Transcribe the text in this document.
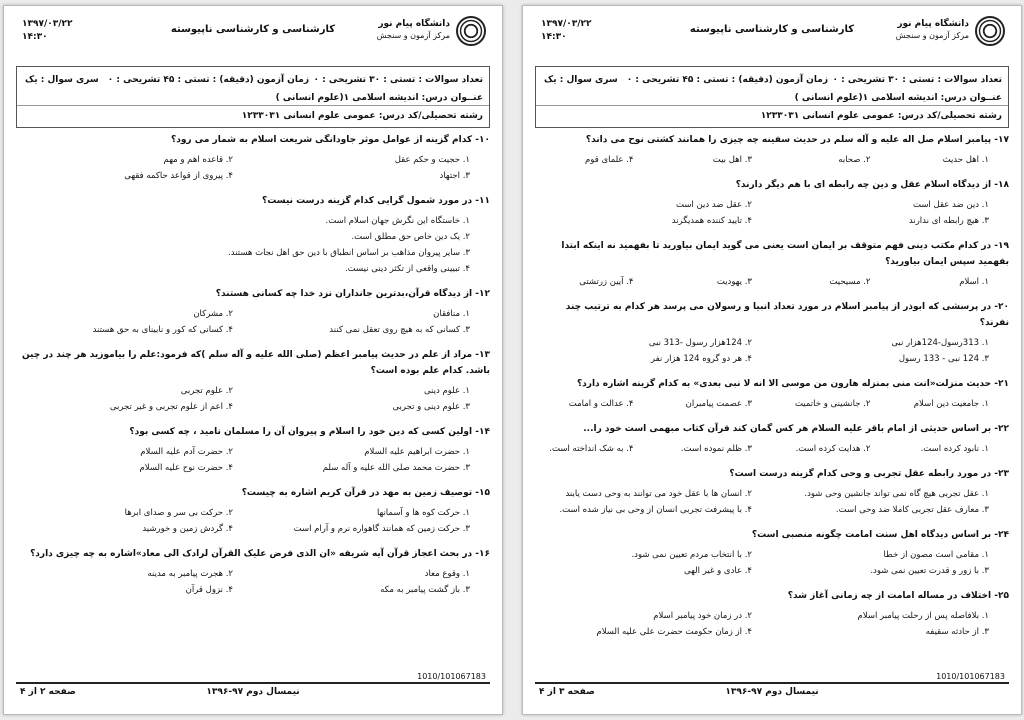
دانشگاه پیام نور
مرکز آزمون و سنجش
کارشناسی و کارشناسی ناپیوسته
۱۳۹۷/۰۳/۲۲
۱۴:۳۰
تعداد سوالات : تستی : ۳۰ تشریحی : ۰
زمان آزمون (دقیقه) : تستی : ۴۵ تشریحی : ۰
سری سوال : یک
عنــوان درس: اندیشه اسلامی ۱(علوم انسانی )
رشته تحصیلی/کد درس: عمومی علوم انسانی ۱۲۳۳۰۳۱
۱۰- کدام گزینه از عوامل موثر جاودانگی شریعت اسلام به شمار می رود؟
۱. حجیت و حکم عقل
۲. قاعده اهم و مهم
۳. اجتهاد
۴. پیروی از قواعد حاکمه فقهی
۱۱- در مورد شمول گرایی کدام گزینه درست نیست؟
۱. خاستگاه این نگرش جهان اسلام است.
۲. یک دین خاص حق مطلق است.
۳. سایر پیروان مذاهب بر اساس انطباق با دین حق اهل نجات هستند.
۴. تبیینی واقعی از تکثر دینی نیست.
۱۲- از دیدگاه قرآن،بدترین جانداران نزد خدا چه کسانی هستند؟
۱. منافقان
۲. مشرکان
۳. کسانی که به هیچ روی تعقل نمی کنند
۴. کسانی که کور و نابینای به حق هستند
۱۳- مراد از علم در حدیث پیامبر اعظم (صلی الله علیه و آله سلم )که فرمود:علم را بیاموزید هر چند در چین باشد. کدام علم بوده است؟
۱. علوم دینی
۲. علوم تجربی
۳. علوم دینی و تجربی
۴. اعم از علوم تجربی و غیر تجربی
۱۴- اولین کسی که دین خود را اسلام و پیروان آن را مسلمان نامید ، چه کسی بود؟
۱. حضرت ابراهیم علیه السلام
۲. حضرت آدم علیه السلام
۳. حضرت محمد صلی الله علیه و آله سلم
۴. حضرت نوح علیه السلام
۱۵- توصیف زمین به مهد در قرآن کریم اشاره به چیست؟
۱. حرکت کوه ها و آسمانها
۲. حرکت بی سر و صدای ابرها
۳. حرکت زمین که همانند گاهواره نرم و آرام است
۴. گردش زمین و خورشید
۱۶- در بحث اعجاز قرآن آیه شریفه «ان الذی فرض علیک القرآن لرادک الی معاد»اشاره به چه چیزی دارد؟
۱. وقوع معاد
۲. هجرت پیامبر به مدینه
۳. باز گشت پیامبر به مکه
۴. نزول قرآن
1010/101067183
نیمسال دوم ۹۷-۱۳۹۶
صفحه ۲ از ۴
دانشگاه پیام نور
مرکز آزمون و سنجش
کارشناسی و کارشناسی ناپیوسته
۱۳۹۷/۰۳/۲۲
۱۴:۳۰
تعداد سوالات : تستی : ۳۰ تشریحی : ۰
زمان آزمون (دقیقه) : تستی : ۴۵ تشریحی : ۰
سری سوال : یک
عنــوان درس: اندیشه اسلامی ۱(علوم انسانی )
رشته تحصیلی/کد درس: عمومی علوم انسانی ۱۲۳۳۰۳۱
۱۷- پیامبر اسلام صل اله علیه و آله سلم در حدیث سفینه چه چیزی را همانند کشتی نوح می داند؟
۱. اهل حدیث
۲. صحابه
۳. اهل بیت
۴. علمای قوم
۱۸- از دیدگاه اسلام عقل و دین چه رابطه ای با هم دیگر دارند؟
۱. دین ضد عقل است
۲. عقل ضد دین است
۳. هیچ رابطه ای ندارند
۴. تایید کننده همدیگرند
۱۹- در کدام مکتب دینی فهم متوقف بر ایمان است یعنی می گوید ایمان بیاورید تا بفهمید نه اینکه ابتدا بفهمید سپس ایمان بیاورید؟
۱. اسلام
۲. مسیحیت
۳. یهودیت
۴. آیین زرتشتی
۲۰- در پرسشی که ابوذر از پیامبر اسلام در مورد تعداد انبیا و رسولان می پرسد هر کدام به ترتیب چند نفرند؟
۱. 313رسول-124هزار نبی
۲. 124هزار رسول -313 نبی
۳. 124 نبی - 133 رسول
۴. هر دو گروه 124 هزار نفر
۲۱- حدیث منزلت«انت منی بمنزله هارون من موسی الا انه لا نبی بعدی» به کدام گزینه اشاره دارد؟
۱. جامعیت دین اسلام
۲. جانشینی و خاتمیت
۳. عصمت پیامبران
۴. عدالت و امامت
۲۲- بر اساس حدیثی از امام باقر علیه السلام هر کس گمان کند قرآن کتاب مبهمی است خود را...
۱. نابود کرده است.
۲. هدایت کرده است.
۳. ظلم نموده است.
۴. به شک انداخته است.
۲۳- در مورد رابطه عقل تجربی و وحی کدام گزینه درست است؟
۱. عقل تجربی هیچ گاه نمی تواند جانشین وحی شود.
۲. انسان ها با عقل خود می توانند به وحی دست یابند
۳. معارف عقل تجربی کاملا ضد وحی است.
۴. با پیشرفت تجربی انسان از وحی بی نیاز شده است.
۲۴- بر اساس دیدگاه اهل سنت امامت چگونه منصبی است؟
۱. مقامی است مصون از خطا
۲. با انتخاب مردم تعیین نمی شود.
۳. با زور و قدرت تعیین نمی شود.
۴. عادی و غیر الهی
۲۵- اختلاف در مساله امامت از چه زمانی آغاز شد؟
۱. بلافاصله پس از رحلت پیامبر اسلام
۲. در زمان خود پیامبر اسلام
۳. از حادثه سقیفه
۴. از زمان حکومت حضرت علی علیه السلام
1010/101067183
نیمسال دوم ۹۷-۱۳۹۶
صفحه ۳ از ۴
